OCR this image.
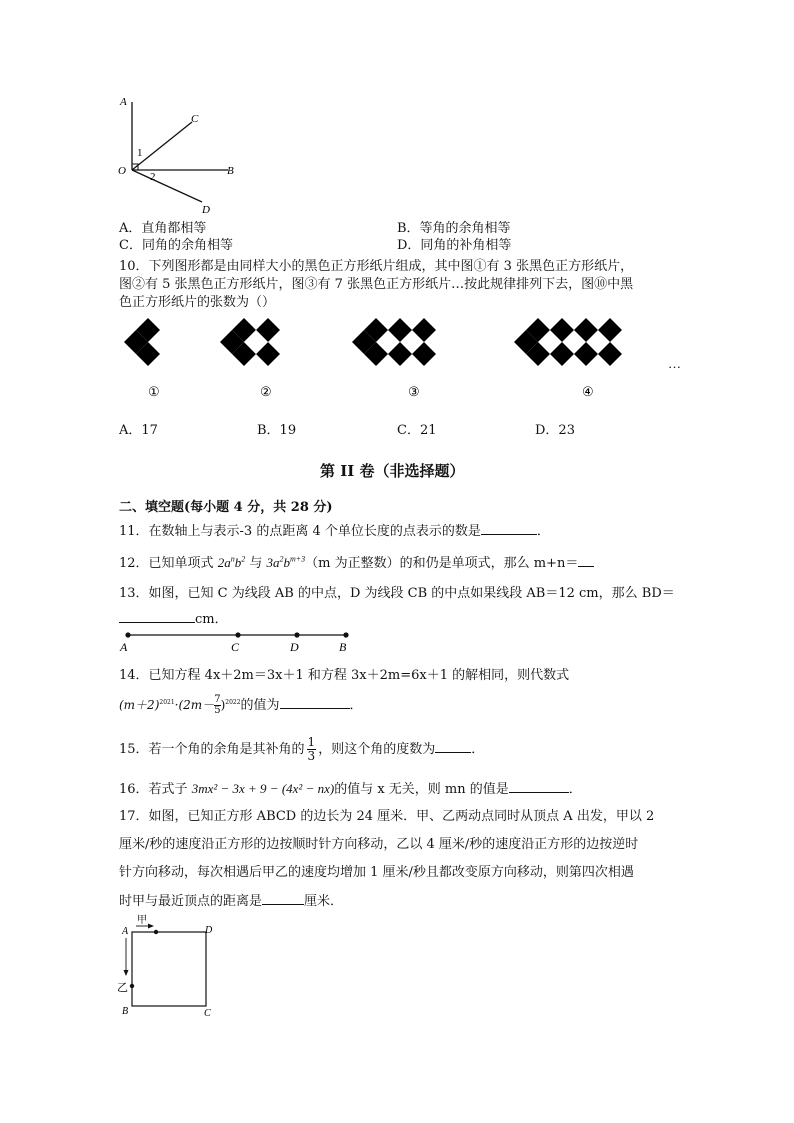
A
C
O	B
D
1
2
A．直角都相等	B．等角的余角相等
C．同角的余角相等	D．同角的补角相等
10．下列图形都是由同样大小的黑色正方形纸片组成，其中图①有 3 张黑色正方形纸片，
图②有 5 张黑色正方形纸片，图③有 7 张黑色正方形纸片…按此规律排列下去，图⑩中黑
色正方形纸片的张数为（）
①	②	③	④
…
A．17	B．19	C．21	D．23
第 II 卷（非选择题）
二、填空题(每小题 4 分，共 28 分)
11．在数轴上与表示-3 的点距离 4 个单位长度的点表示的数是	．
12．已知单项式 $2a^nb^2$ 与 $3a^2b^{m+3}(m$ 为正整数）的和仍是单项式，那么 m+n＝
13．如图，已知 C 为线段 AB 的中点，D 为线段 CB 的中点如果线段 AB＝12 cm，那么 BD＝
cm．
A	C	D	B
14．已知方程 4x＋2m＝3x＋1 和方程 3x＋2m=6x＋1 的解相同，则代数式
$(m+2)^{2021}\cdot(2m- \frac{7}{5} )^{2022}$的值为	．
15．若一个角的余角是其补角的 $\frac{1}{3}$ ，则这个角的度数为	．
16．若式子 3mx² − 3x + 9 − (4x² − nx)的值与 x 无关，则 mn 的值是	．
17．如图，已知正方形 ABCD 的边长为 24 厘米．甲、乙两动点同时从顶点 A 出发，甲以 2
厘米/秒的速度沿正方形的边按顺时针方向移动，乙以 4 厘米/秒的速度沿正方形的边按逆时
针方向移动，每次相遇后甲乙的速度均增加 1 厘米/秒且都改变原方向移动，则第四次相遇
时甲与最近顶点的距离是	厘米．
甲
乙
A	D
B	C
